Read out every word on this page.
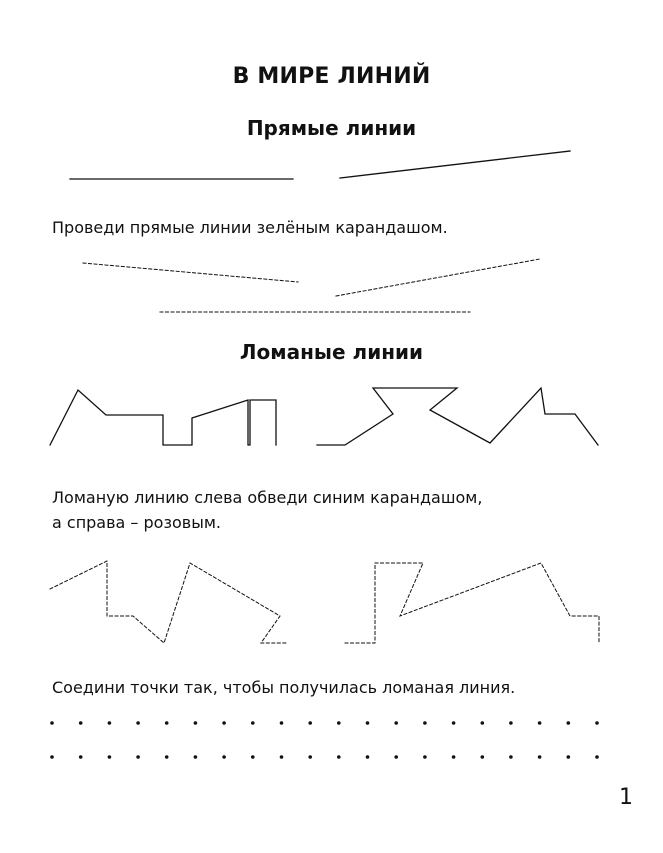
В МИРЕ ЛИНИЙ
Прямые линии
Проведи прямые линии зелёным карандашом.
Ломаные линии
Ломаную линию слева обведи синим карандашом,
а справа – розовым.
Соедини точки так, чтобы получилась ломаная линия.
1
